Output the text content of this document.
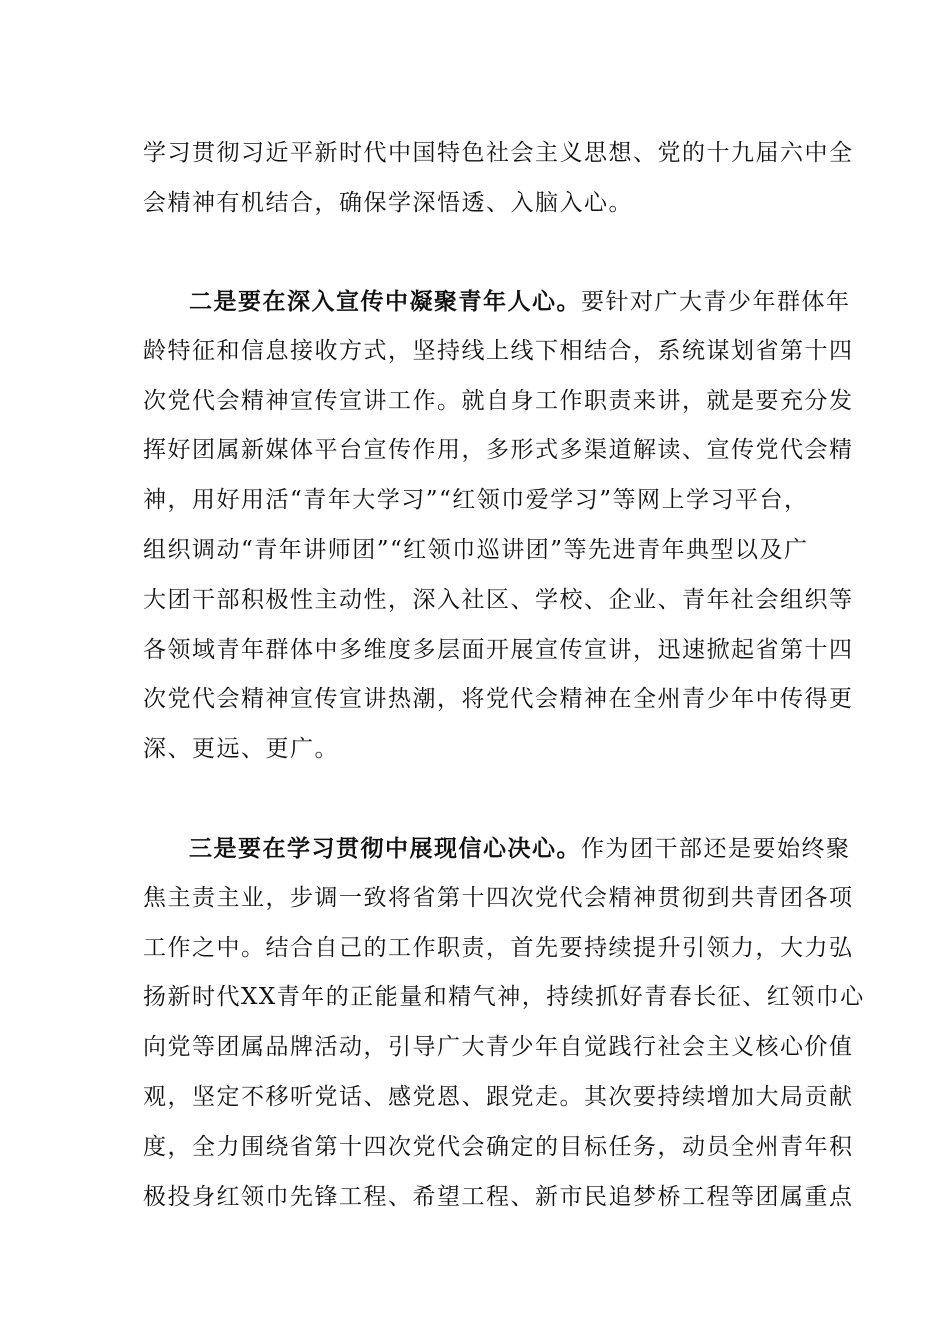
学习贯彻习近平新时代中国特色社会主义思想、党的十九届六中全
会精神有机结合，确保学深悟透、入脑入心。
二是要在深入宣传中凝聚青年人心。要针对广大青少年群体年
龄特征和信息接收方式，坚持线上线下相结合，系统谋划省第十四
次党代会精神宣传宣讲工作。就自身工作职责来讲，就是要充分发
挥好团属新媒体平台宣传作用，多形式多渠道解读、宣传党代会精
神，用好用活“青年大学习”“红领巾爱学习”等网上学习平台，
组织调动“青年讲师团”“红领巾巡讲团”等先进青年典型以及广
大团干部积极性主动性，深入社区、学校、企业、青年社会组织等
各领域青年群体中多维度多层面开展宣传宣讲，迅速掀起省第十四
次党代会精神宣传宣讲热潮，将党代会精神在全州青少年中传得更
深、更远、更广。
三是要在学习贯彻中展现信心决心。作为团干部还是要始终聚
焦主责主业，步调一致将省第十四次党代会精神贯彻到共青团各项
工作之中。结合自己的工作职责，首先要持续提升引领力，大力弘
扬新时代XX青年的正能量和精气神，持续抓好青春长征、红领巾心
向党等团属品牌活动，引导广大青少年自觉践行社会主义核心价值
观，坚定不移听党话、感党恩、跟党走。其次要持续增加大局贡献
度，全力围绕省第十四次党代会确定的目标任务，动员全州青年积
极投身红领巾先锋工程、希望工程、新市民追梦桥工程等团属重点
